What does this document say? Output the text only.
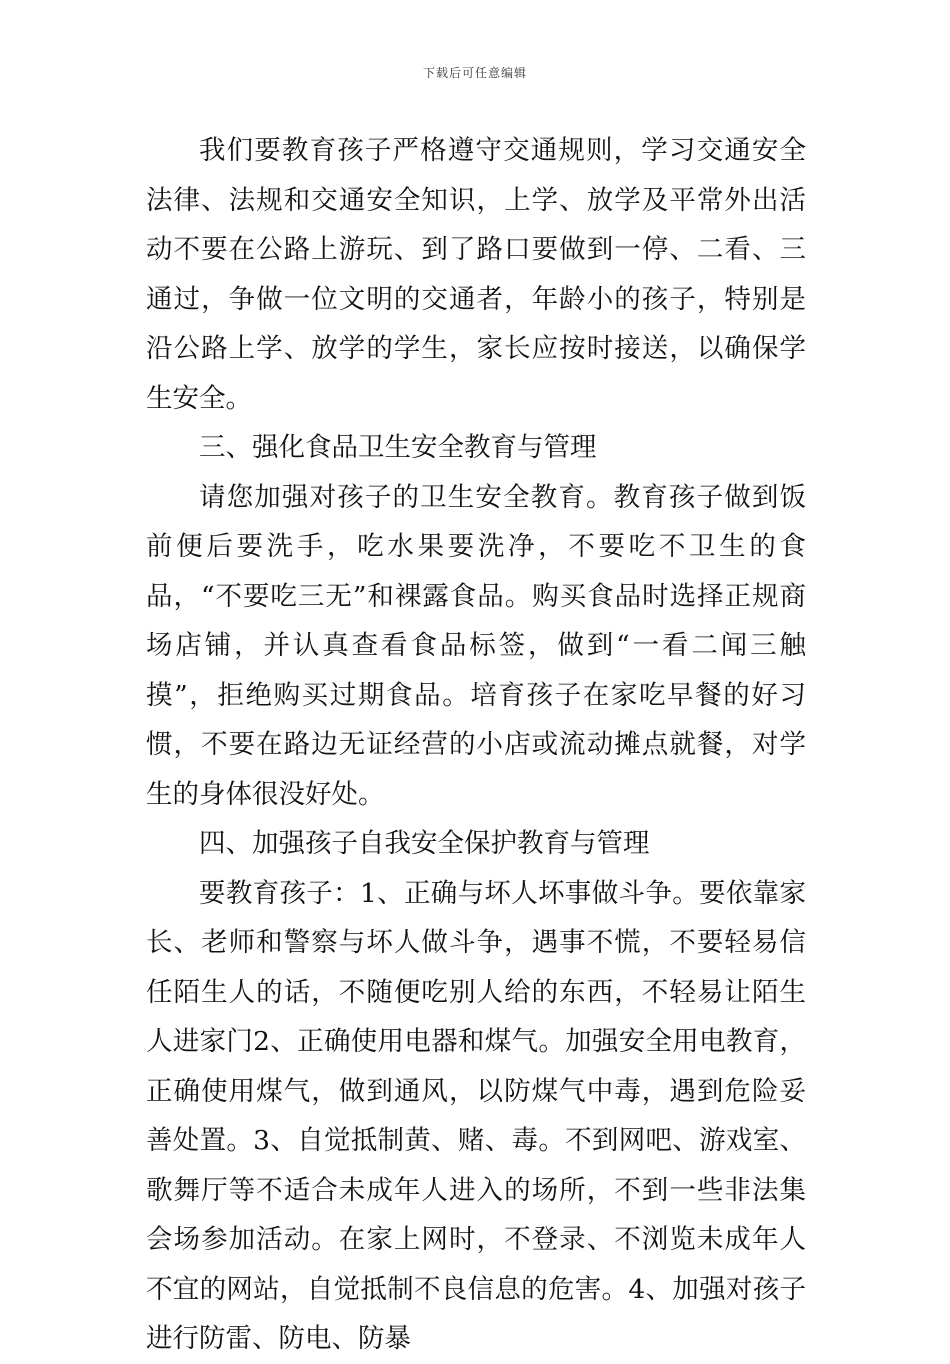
下载后可任意编辑

我们要教育孩子严格遵守交通规则，学习交通安全法律、法规和交通安全知识，上学、放学及平常外出活动不要在公路上游玩、到了路口要做到一停、二看、三通过，争做一位文明的交通者，年龄小的孩子，特别是沿公路上学、放学的学生，家长应按时接送，以确保学生安全。

三、强化食品卫生安全教育与管理

请您加强对孩子的卫生安全教育。教育孩子做到饭前便后要洗手，吃水果要洗净，不要吃不卫生的食品，“不要吃三无”和裸露食品。购买食品时选择正规商场店铺，并认真查看食品标签，做到“一看二闻三触摸”，拒绝购买过期食品。培育孩子在家吃早餐的好习惯，不要在路边无证经营的小店或流动摊点就餐，对学生的身体很没好处。

四、加强孩子自我安全保护教育与管理

要教育孩子：1、正确与坏人坏事做斗争。要依靠家长、老师和警察与坏人做斗争，遇事不慌，不要轻易信任陌生人的话，不随便吃别人给的东西，不轻易让陌生人进家门2、正确使用电器和煤气。加强安全用电教育，正确使用煤气，做到通风，以防煤气中毒，遇到危险妥善处置。3、自觉抵制黄、赌、毒。不到网吧、游戏室、歌舞厅等不适合未成年人进入的场所，不到一些非法集会场参加活动。在家上网时，不登录、不浏览未成年人不宜的网站，自觉抵制不良信息的危害。4、加强对孩子进行防雷、防电、防暴
